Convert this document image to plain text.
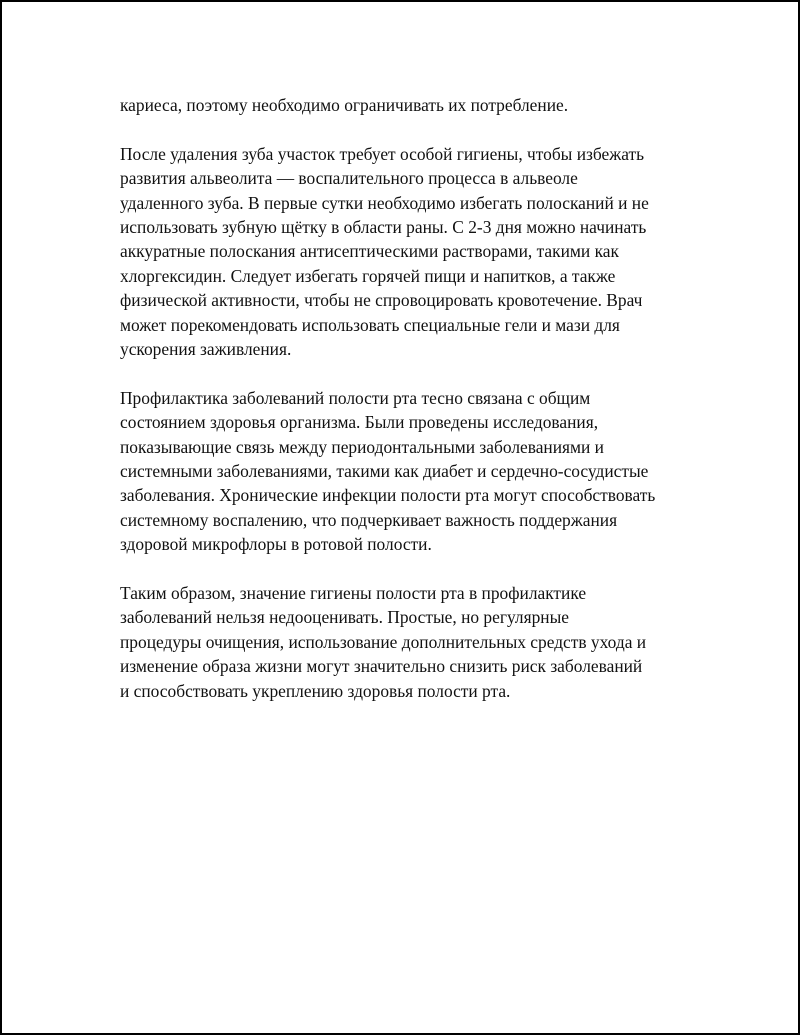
кариеса, поэтому необходимо ограничивать их потребление.

После удаления зуба участок требует особой гигиены, чтобы избежать
развития альвеолита — воспалительного процесса в альвеоле
удаленного зуба. В первые сутки необходимо избегать полосканий и не
использовать зубную щётку в области раны. С 2-3 дня можно начинать
аккуратные полоскания антисептическими растворами, такими как
хлоргексидин. Следует избегать горячей пищи и напитков, а также
физической активности, чтобы не спровоцировать кровотечение. Врач
может порекомендовать использовать специальные гели и мази для
ускорения заживления.

Профилактика заболеваний полости рта тесно связана с общим
состоянием здоровья организма. Были проведены исследования,
показывающие связь между периодонтальными заболеваниями и
системными заболеваниями, такими как диабет и сердечно-сосудистые
заболевания. Хронические инфекции полости рта могут способствовать
системному воспалению, что подчеркивает важность поддержания
здоровой микрофлоры в ротовой полости.

Таким образом, значение гигиены полости рта в профилактике
заболеваний нельзя недооценивать. Простые, но регулярные
процедуры очищения, использование дополнительных средств ухода и
изменение образа жизни могут значительно снизить риск заболеваний
и способствовать укреплению здоровья полости рта.
